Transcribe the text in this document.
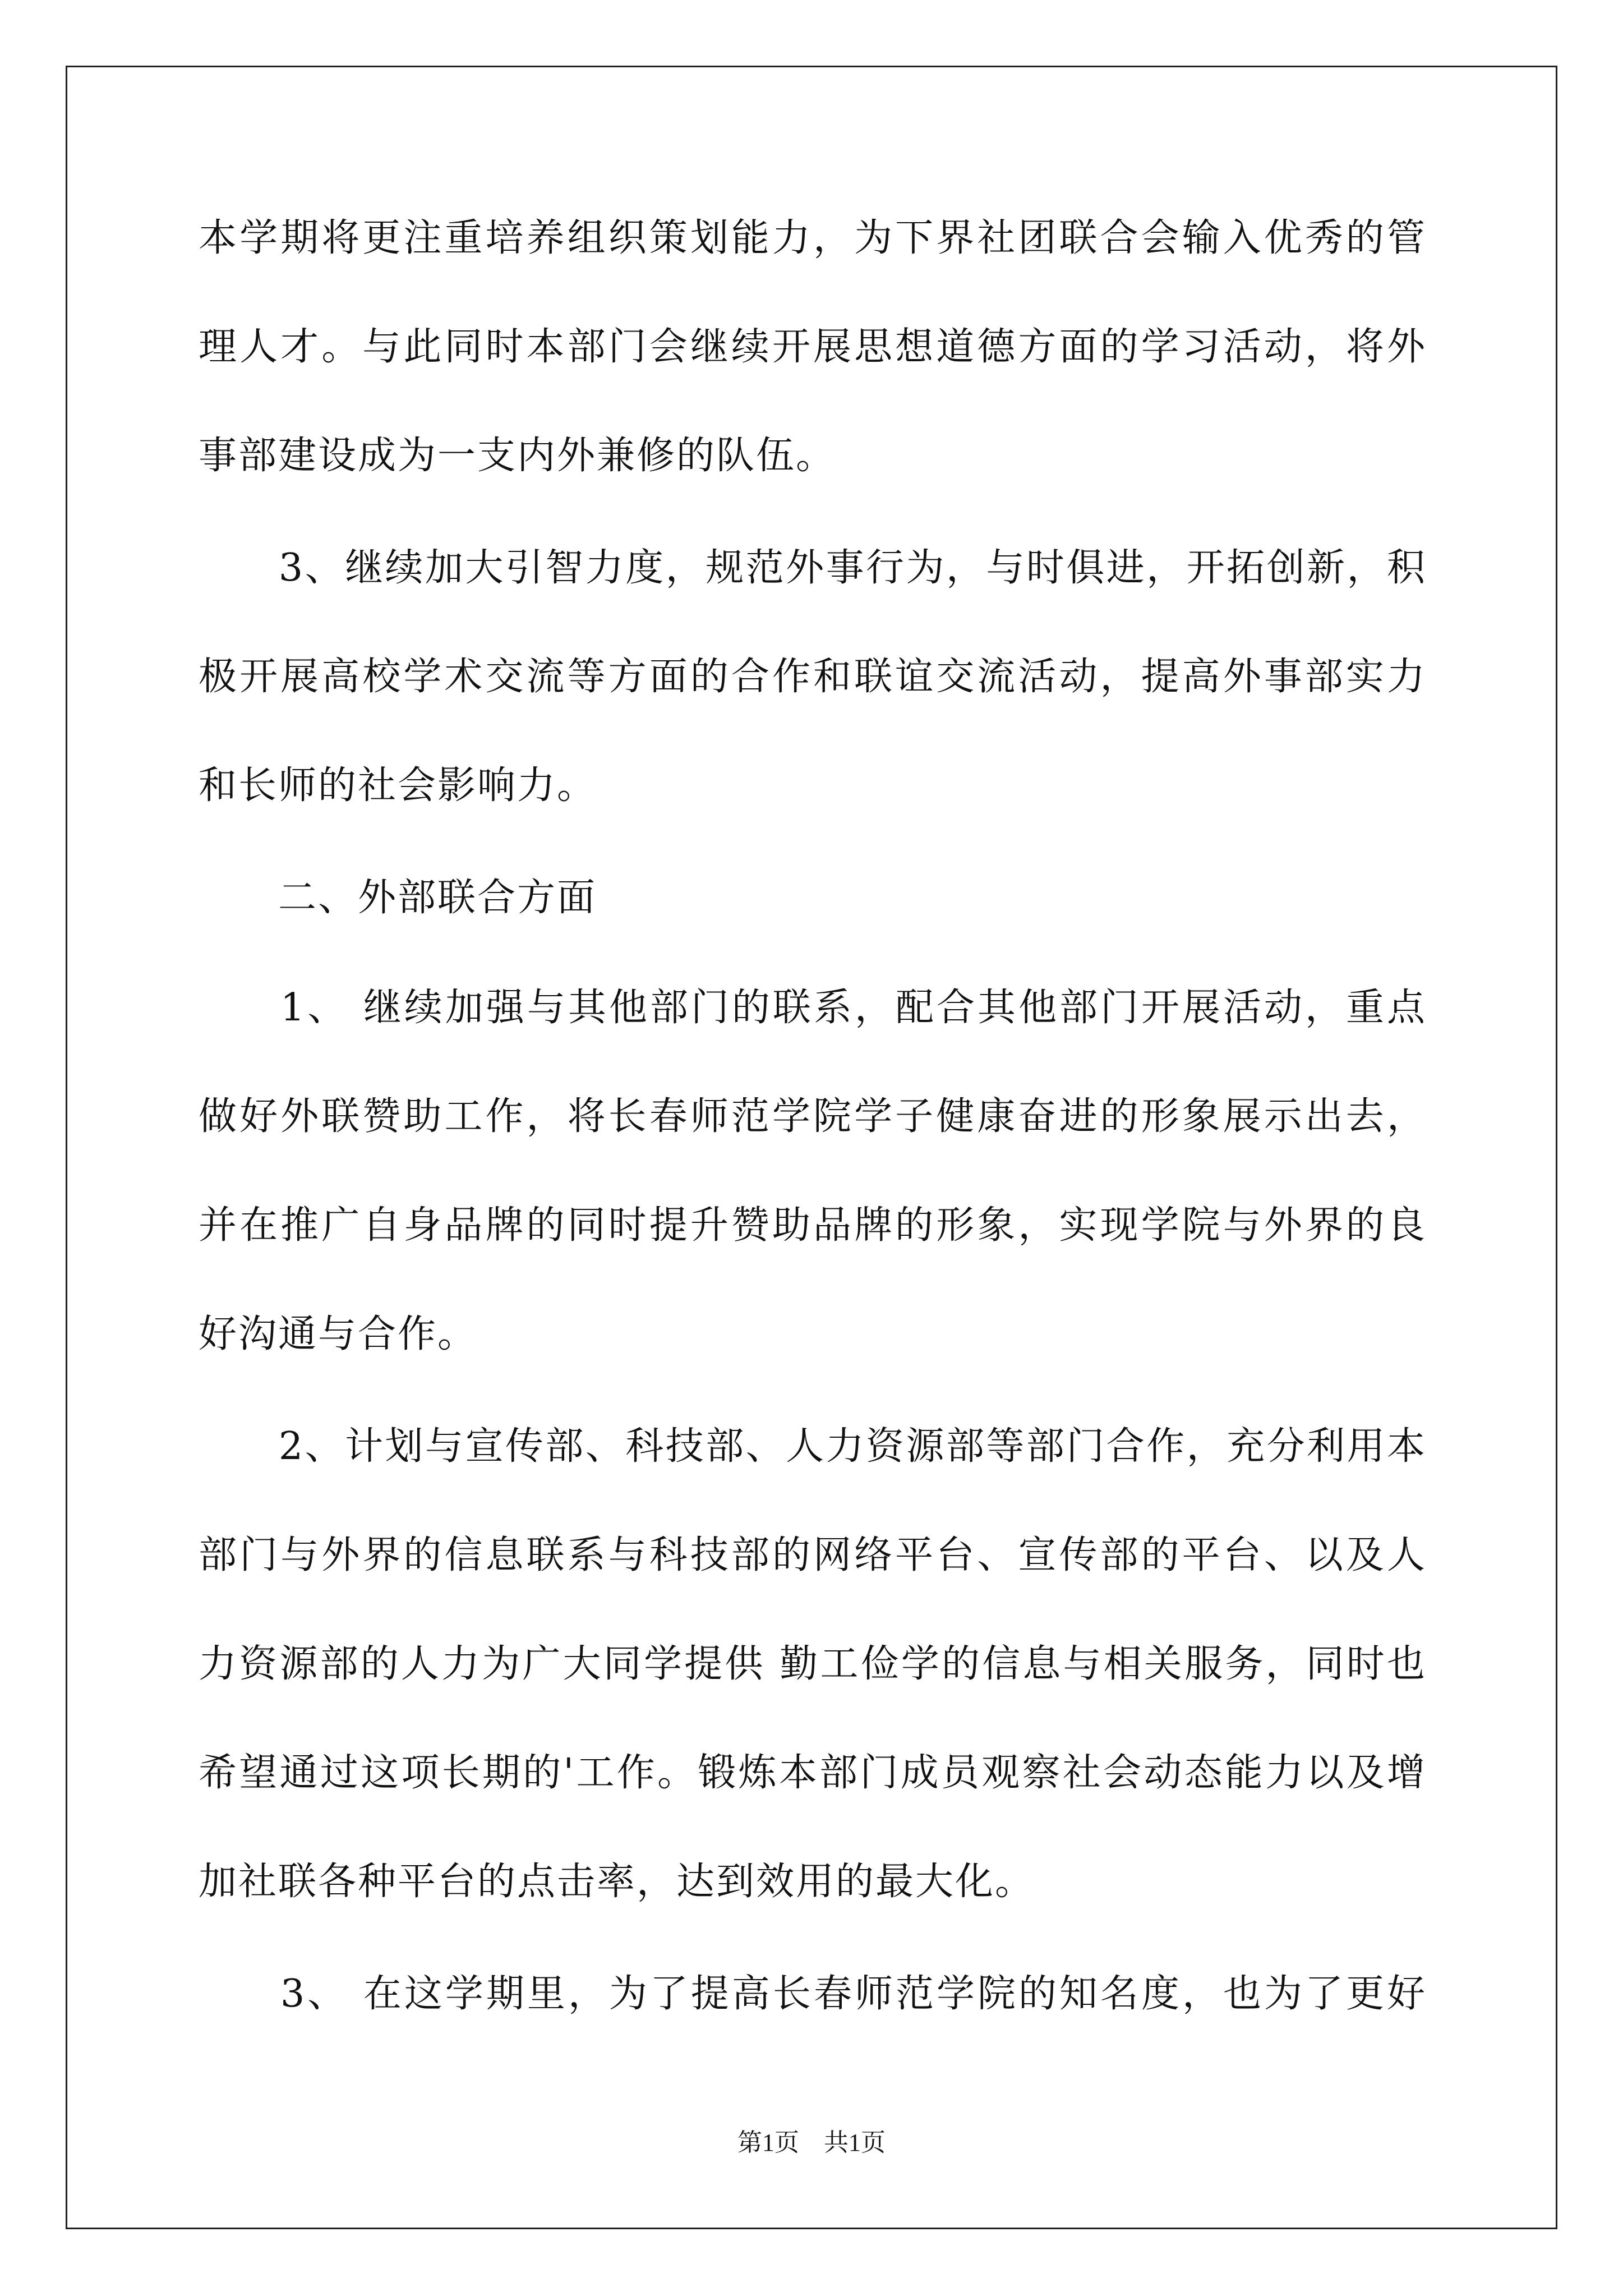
本学期将更注重培养组织策划能力，为下界社团联合会输入优秀的管
理人才。与此同时本部门会继续开展思想道德方面的学习活动，将外
事部建设成为一支内外兼修的队伍。
　　3、继续加大引智力度，规范外事行为，与时俱进，开拓创新，积
极开展高校学术交流等方面的合作和联谊交流活动，提高外事部实力
和长师的社会影响力。
　　二、外部联合方面
　　1、 继续加强与其他部门的联系，配合其他部门开展活动，重点
做好外联赞助工作，将长春师范学院学子健康奋进的形象展示出去，
并在推广自身品牌的同时提升赞助品牌的形象，实现学院与外界的良
好沟通与合作。
　　2、计划与宣传部、科技部、人力资源部等部门合作，充分利用本
部门与外界的信息联系与科技部的网络平台、宣传部的平台、以及人
力资源部的人力为广大同学提供 勤工俭学的信息与相关服务，同时也
希望通过这项长期的'工作。锻炼本部门成员观察社会动态能力以及增
加社联各种平台的点击率，达到效用的最大化。
　　3、 在这学期里，为了提高长春师范学院的知名度，也为了更好
第1页　共1页
